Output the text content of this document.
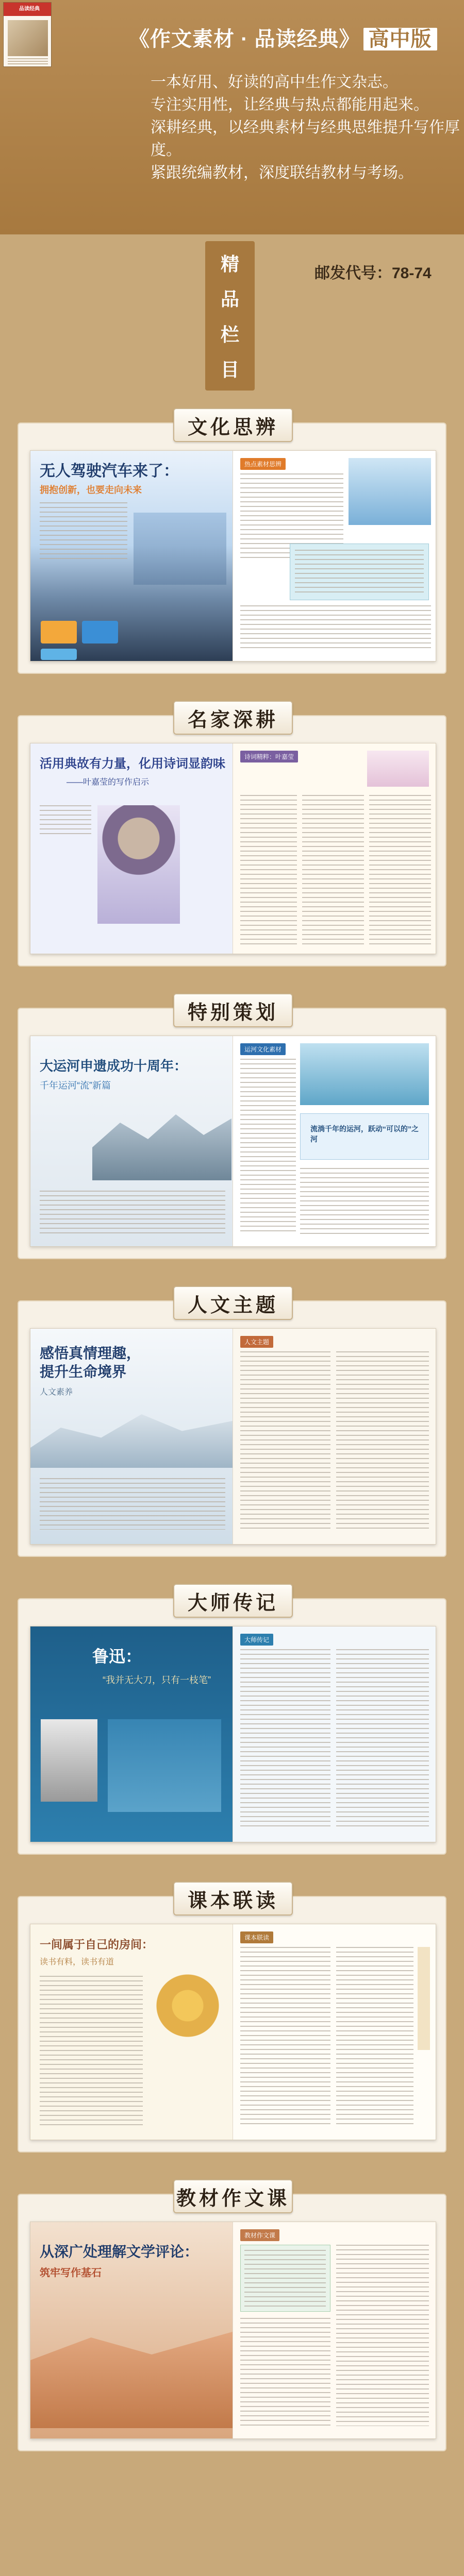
品读经典
《作文素材 · 品读经典》 高中版
一本好用、好读的高中生作文杂志。
专注实用性，让经典与热点都能用起来。
深耕经典，以经典素材与经典思维提升写作厚度。
紧跟统编教材，深度联结教材与考场。
精
品
栏
目
邮发代号：78-74
文化思辨
无人驾驶汽车来了：
拥抱创新，也要走向未来
热点素材思辨
名家深耕
活用典故有力量，化用诗词显韵味
——叶嘉莹的写作启示
诗词精粹：叶嘉莹
特别策划
大运河申遗成功十周年：
千年运河“流”新篇
运河文化素材
流淌千年的运河，跃动“可以的”之河
人文主题
感悟真情理趣，提升生命境界
人文素养
人文主题
大师传记
鲁迅：
“我并无大刀，只有一枝笔”
大师传记
课本联读
一间属于自己的房间：
读书有料，读书有道
课本联读
教材作文课
从深广处理解文学评论：
筑牢写作基石
教材作文课
